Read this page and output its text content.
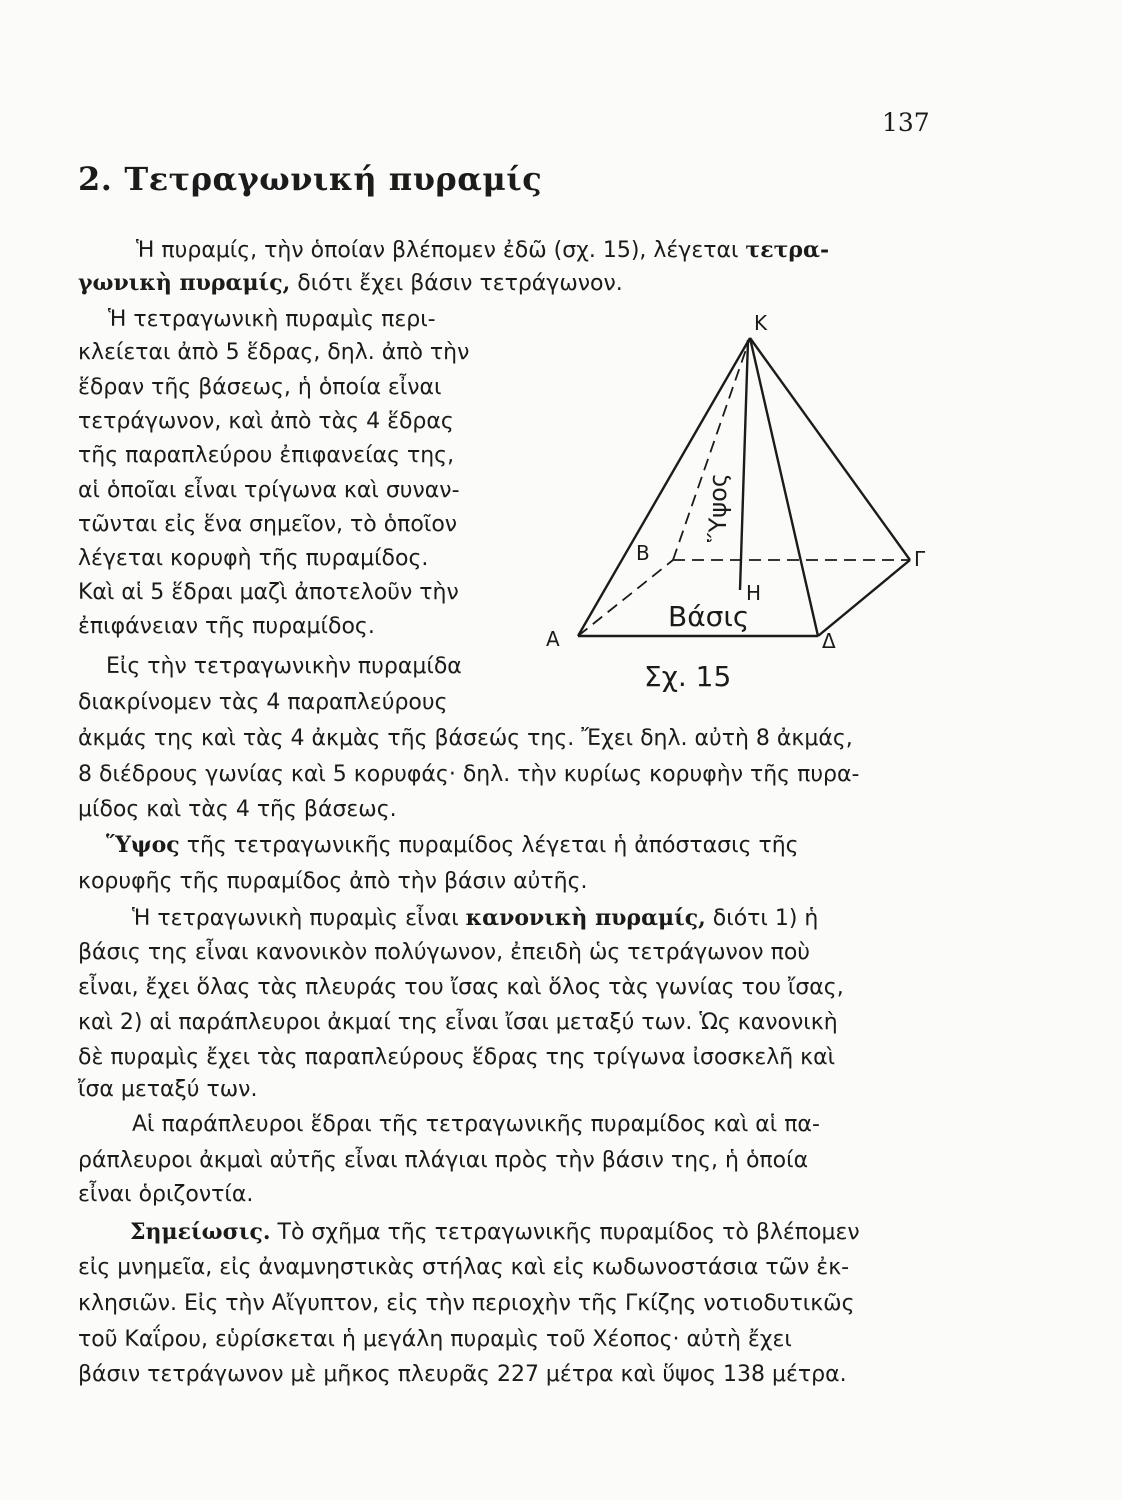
137
2. Τετραγωνική πυραμίς
Ἡ πυραμίς, τὴν ὁποίαν βλέπομεν ἐδῶ (σχ. 15), λέγεται τετρα-
γωνικὴ πυραμίς, διότι ἔχει βάσιν τετράγωνον.
Ἡ τετραγωνικὴ πυραμὶς περι-
κλείεται ἀπὸ 5 ἕδρας, δηλ. ἀπὸ τὴν
ἕδραν τῆς βάσεως, ἡ ὁποία εἶναι
τετράγωνον, καὶ ἀπὸ τὰς 4 ἕδρας
τῆς παραπλεύρου ἐπιφανείας της,
αἱ ὁποῖαι εἶναι τρίγωνα καὶ συναν-
τῶνται εἰς ἕνα σημεῖον, τὸ ὁποῖον
λέγεται κορυφὴ τῆς πυραμίδος.
Καὶ αἱ 5 ἕδραι μαζὶ ἀποτελοῦν τὴν
ἐπιφάνειαν τῆς πυραμίδος.
Εἰς τὴν τετραγωνικὴν πυραμίδα
διακρίνομεν τὰς 4 παραπλεύρους
ἀκμάς της καὶ τὰς 4 ἀκμὰς τῆς βάσεώς της. Ἔχει δηλ. αὐτὴ 8 ἀκμάς,
8 διέδρους γωνίας καὶ 5 κορυφάς· δηλ. τὴν κυρίως κορυφὴν τῆς πυρα-
μίδος καὶ τὰς 4 τῆς βάσεως.
Ὕψος τῆς τετραγωνικῆς πυραμίδος λέγεται ἡ ἀπόστασις τῆς
κορυφῆς τῆς πυραμίδος ἀπὸ τὴν βάσιν αὐτῆς.
Ἡ τετραγωνικὴ πυραμὶς εἶναι κανονικὴ πυραμίς, διότι 1) ἡ
βάσις της εἶναι κανονικὸν πολύγωνον, ἐπειδὴ ὡς τετράγωνον ποὺ
εἶναι, ἔχει ὅλας τὰς πλευράς του ἴσας καὶ ὅλος τὰς γωνίας του ἴσας,
καὶ 2) αἱ παράπλευροι ἀκμαί της εἶναι ἴσαι μεταξύ των. Ὡς κανονικὴ
δὲ πυραμὶς ἔχει τὰς παραπλεύρους ἕδρας της τρίγωνα ἰσοσκελῆ καὶ
ἴσα μεταξύ των.
Αἱ παράπλευροι ἕδραι τῆς τετραγωνικῆς πυραμίδος καὶ αἱ πα-
ράπλευροι ἀκμαὶ αὐτῆς εἶναι πλάγιαι πρὸς τὴν βάσιν της, ἡ ὁποία
εἶναι ὁριζοντία.
Σημείωσις. Τὸ σχῆμα τῆς τετραγωνικῆς πυραμίδος τὸ βλέπομεν
εἰς μνημεῖα, εἰς ἀναμνηστικὰς στήλας καὶ εἰς κωδωνοστάσια τῶν ἐκ-
κλησιῶν. Εἰς τὴν Αἴγυπτον, εἰς τὴν περιοχὴν τῆς Γκίζης νοτιοδυτικῶς
τοῦ Καΐρου, εὑρίσκεται ἡ μεγάλη πυραμὶς τοῦ Χέοπος· αὐτὴ ἔχει
βάσιν τετράγωνον μὲ μῆκος πλευρᾶς 227 μέτρα καὶ ὕψος 138 μέτρα.
Κ
Α
Β	Γ
Δ
Η
Ὕψος
Βάσις
Σχ. 15
